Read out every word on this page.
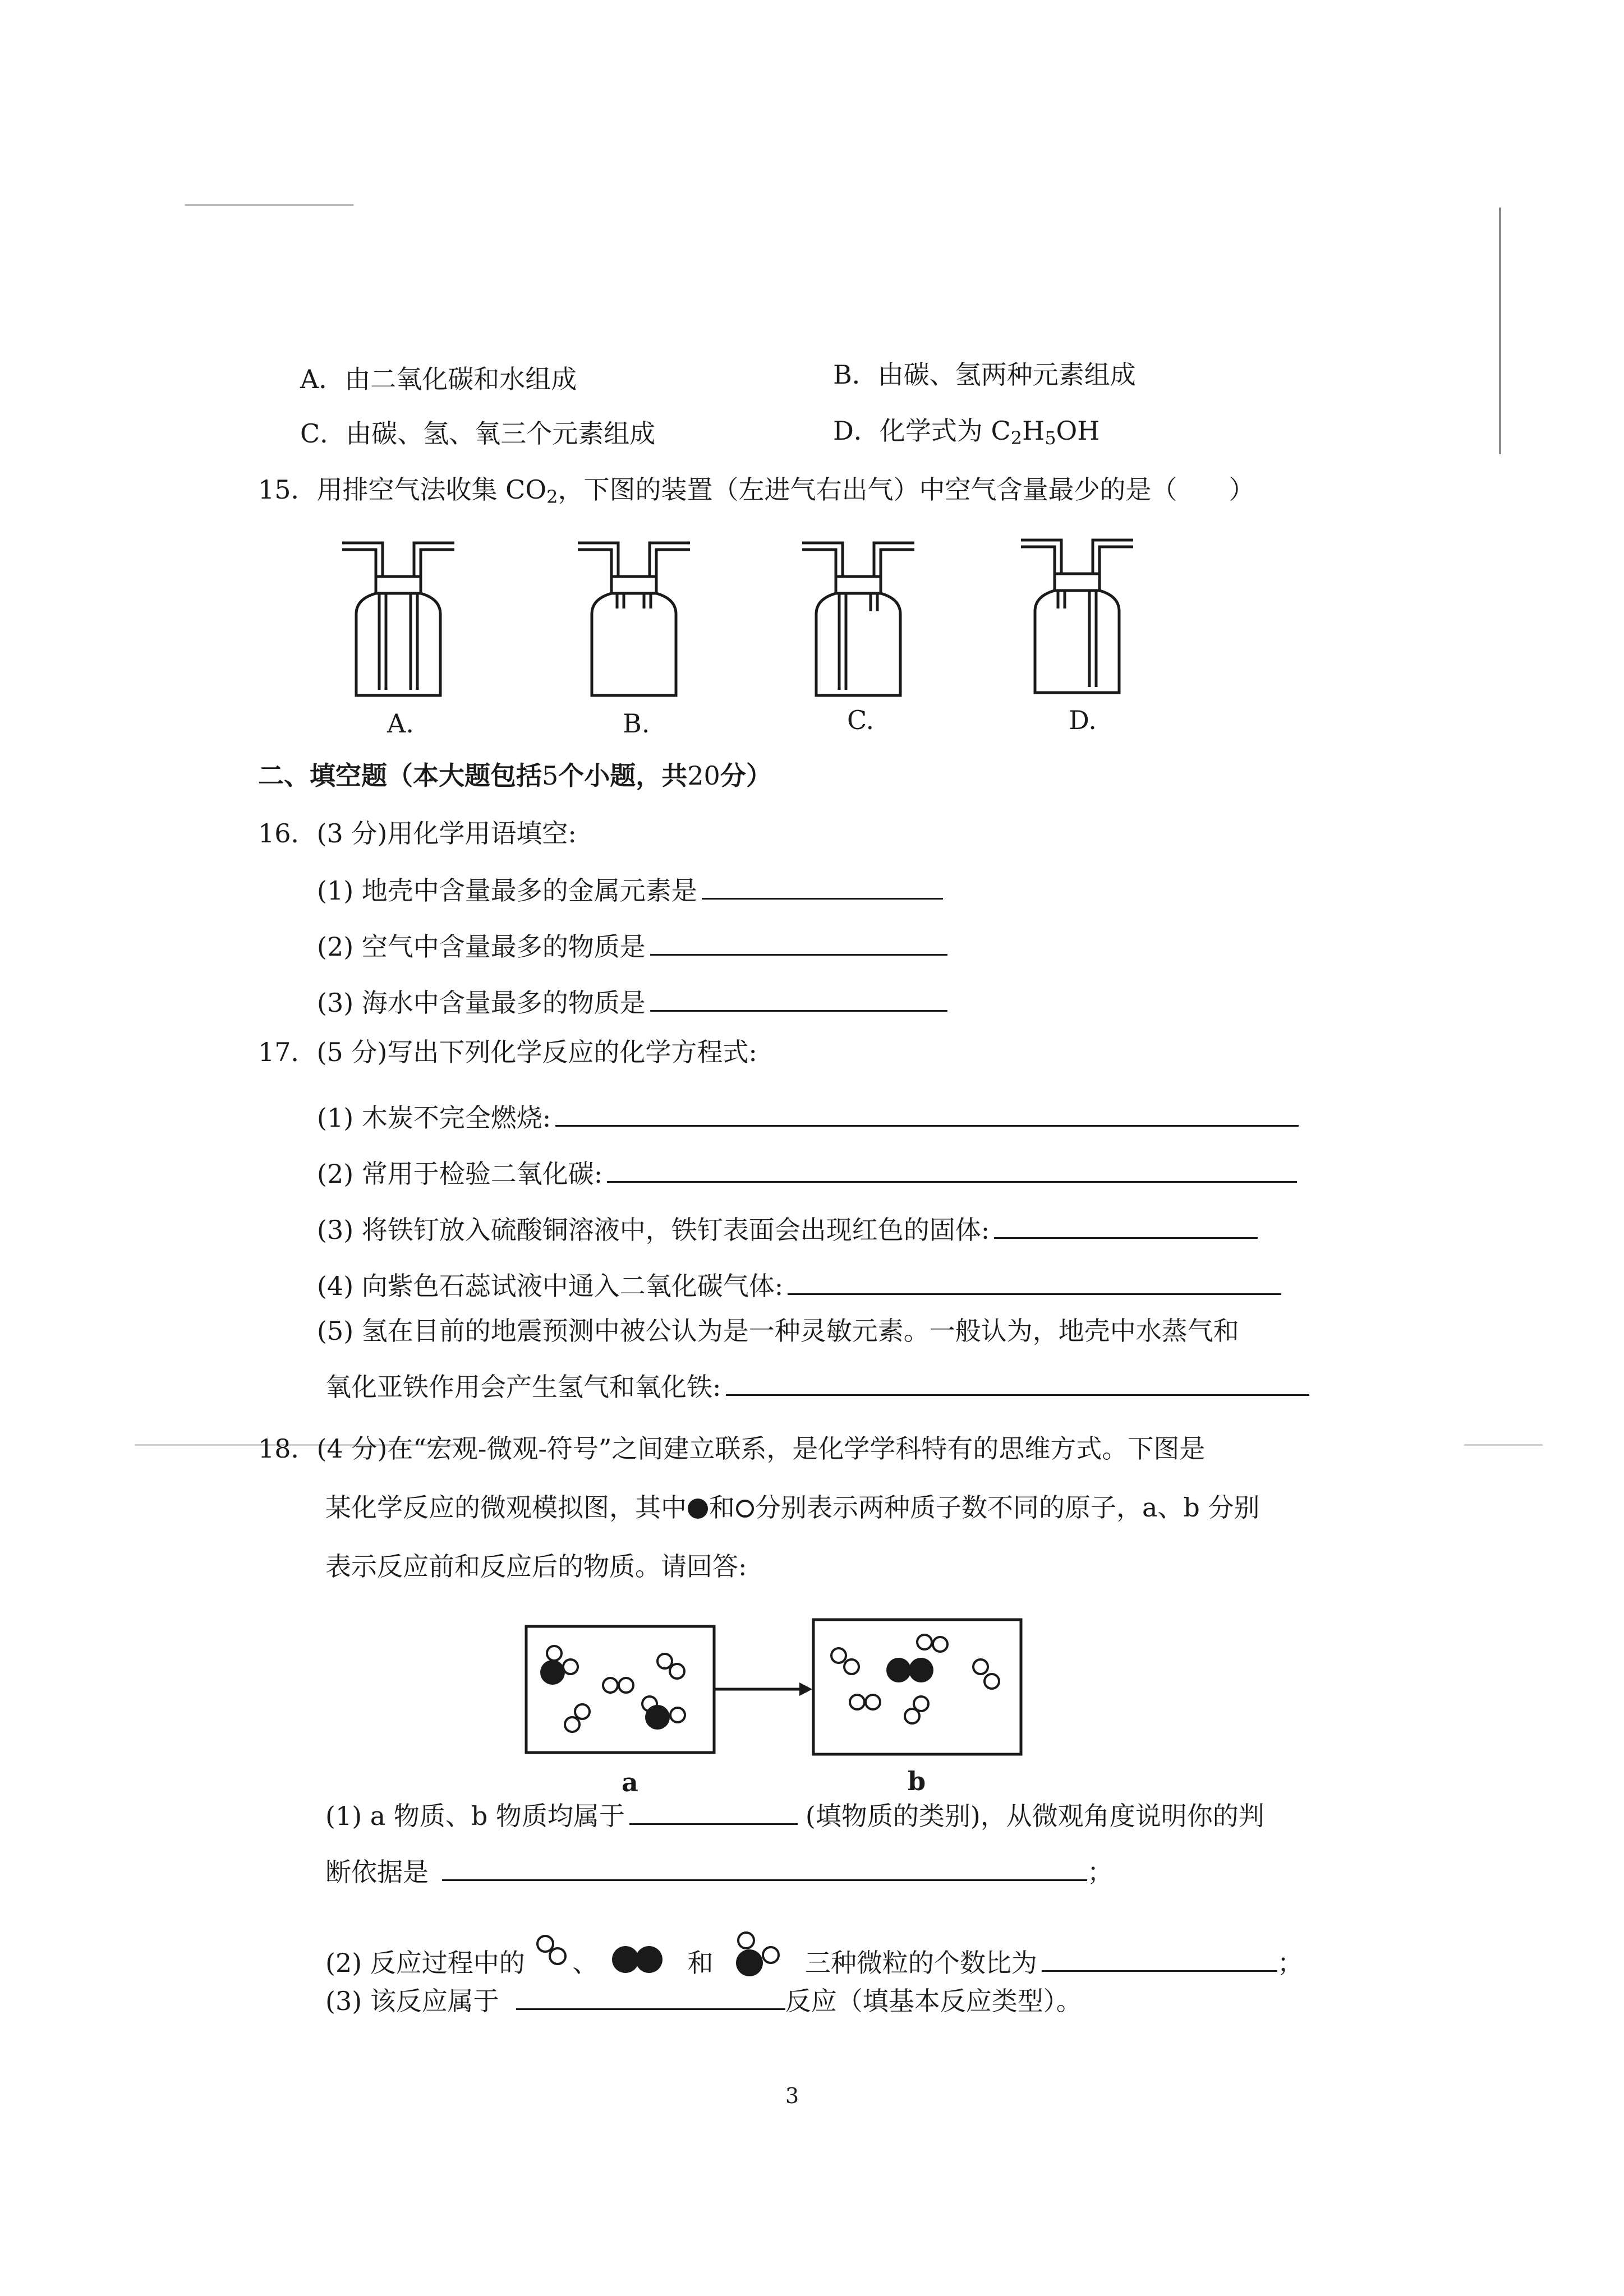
A．由二氧化碳和水组成	B．由碳、氢两种元素组成
C．由碳、氢、氧三个元素组成	D．化学式为 $C_2H_5OH$
15．用排空气法收集 $CO_2$，下图的装置（左进气右出气）中空气含量最少的是（　　）
A.	B.	C.	D.
二、填空题（本大题包括5个小题，共20分）
16．(3 分)用化学用语填空:
(1) 地壳中含量最多的金属元素是
(2) 空气中含量最多的物质是
(3) 海水中含量最多的物质是
17．(5 分)写出下列化学反应的化学方程式:
(1) 木炭不完全燃烧:
(2) 常用于检验二氧化碳:
(3) 将铁钉放入硫酸铜溶液中，铁钉表面会出现红色的固体:
(4) 向紫色石蕊试液中通入二氧化碳气体:
(5) 氢在目前的地震预测中被公认为是一种灵敏元素。一般认为，地壳中水蒸气和
氧化亚铁作用会产生氢气和氧化铁:
18．(4 分)在“宏观-微观-符号”之间建立联系，是化学学科特有的思维方式。下图是
某化学反应的微观模拟图，其中 和 分别表示两种质子数不同的原子，a、b 分别
表示反应前和反应后的物质。请回答:
a	b
(1) a 物质、b 物质均属于	(填物质的类别)，从微观角度说明你的判
断依据是	；
(2) 反应过程中的 、	和	三种微粒的个数比为	；
(3) 该反应属于	反应（填基本反应类型）。
3
